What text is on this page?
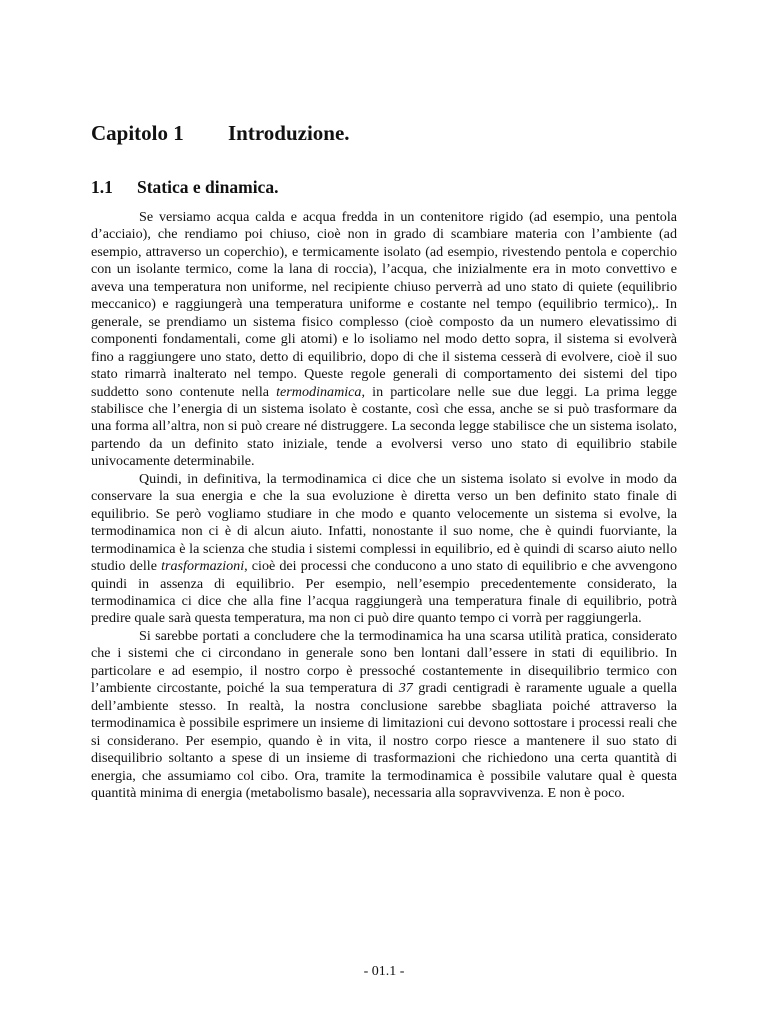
Capitolo 1 Introduzione.
1.1 Statica e dinamica.

Se versiamo acqua calda e acqua fredda in un contenitore rigido (ad esempio, una pentola d’acciaio), che rendiamo poi chiuso, cioè non in grado di scambiare materia con l’ambiente (ad esempio, attraverso un coperchio), e termicamente isolato (ad esempio, rivestendo pentola e coperchio con un isolante termico, come la lana di roccia), l’acqua, che inizialmente era in moto convettivo e aveva una temperatura non uniforme, nel recipiente chiuso perverrà ad uno stato di quiete (equilibrio meccanico) e raggiungerà una temperatura uniforme e costante nel tempo (equilibrio termico),. In generale, se prendiamo un sistema fisico complesso (cioè composto da un numero elevatissimo di componenti fondamentali, come gli atomi) e lo isoliamo nel modo detto sopra, il sistema si evolverà fino a raggiungere uno stato, detto di equilibrio, dopo di che il sistema cesserà di evolvere, cioè il suo stato rimarrà inalterato nel tempo. Queste regole generali di comportamento dei sistemi del tipo suddetto sono contenute nella termodinamica, in particolare nelle sue due leggi. La prima legge stabilisce che l’energia di un sistema isolato è costante, così che essa, anche se si può trasformare da una forma all’altra, non si può creare né distruggere. La seconda legge stabilisce che un sistema isolato, partendo da un definito stato iniziale, tende a evolversi verso uno stato di equilibrio stabile univocamente determinabile.

Quindi, in definitiva, la termodinamica ci dice che un sistema isolato si evolve in modo da conservare la sua energia e che la sua evoluzione è diretta verso un ben definito stato finale di equilibrio. Se però vogliamo studiare in che modo e quanto velocemente un sistema si evolve, la termodinamica non ci è di alcun aiuto. Infatti, nonostante il suo nome, che è quindi fuorviante, la termodinamica è la scienza che studia i sistemi complessi in equilibrio, ed è quindi di scarso aiuto nello studio delle trasformazioni, cioè dei processi che conducono a uno stato di equilibrio e che avvengono quindi in assenza di equilibrio. Per esempio, nell’esempio precedentemente considerato, la termodinamica ci dice che alla fine l’acqua raggiungerà una temperatura finale di equilibrio, potrà predire quale sarà questa temperatura, ma non ci può dire quanto tempo ci vorrà per raggiungerla.

Si sarebbe portati a concludere che la termodinamica ha una scarsa utilità pratica, considerato che i sistemi che ci circondano in generale sono ben lontani dall’essere in stati di equilibrio. In particolare e ad esempio, il nostro corpo è pressoché costantemente in disequilibrio termico con l’ambiente circostante, poiché la sua temperatura di 37 gradi centigradi è raramente uguale a quella dell’ambiente stesso. In realtà, la nostra conclusione sarebbe sbagliata poiché attraverso la termodinamica è possibile esprimere un insieme di limitazioni cui devono sottostare i processi reali che si considerano. Per esempio, quando è in vita, il nostro corpo riesce a mantenere il suo stato di disequilibrio soltanto a spese di un insieme di trasformazioni che richiedono una certa quantità di energia, che assumiamo col cibo. Ora, tramite la termodinamica è possibile valutare qual è questa quantità minima di energia (metabolismo basale), necessaria alla sopravvivenza. E non è poco.

- 01.1 -
